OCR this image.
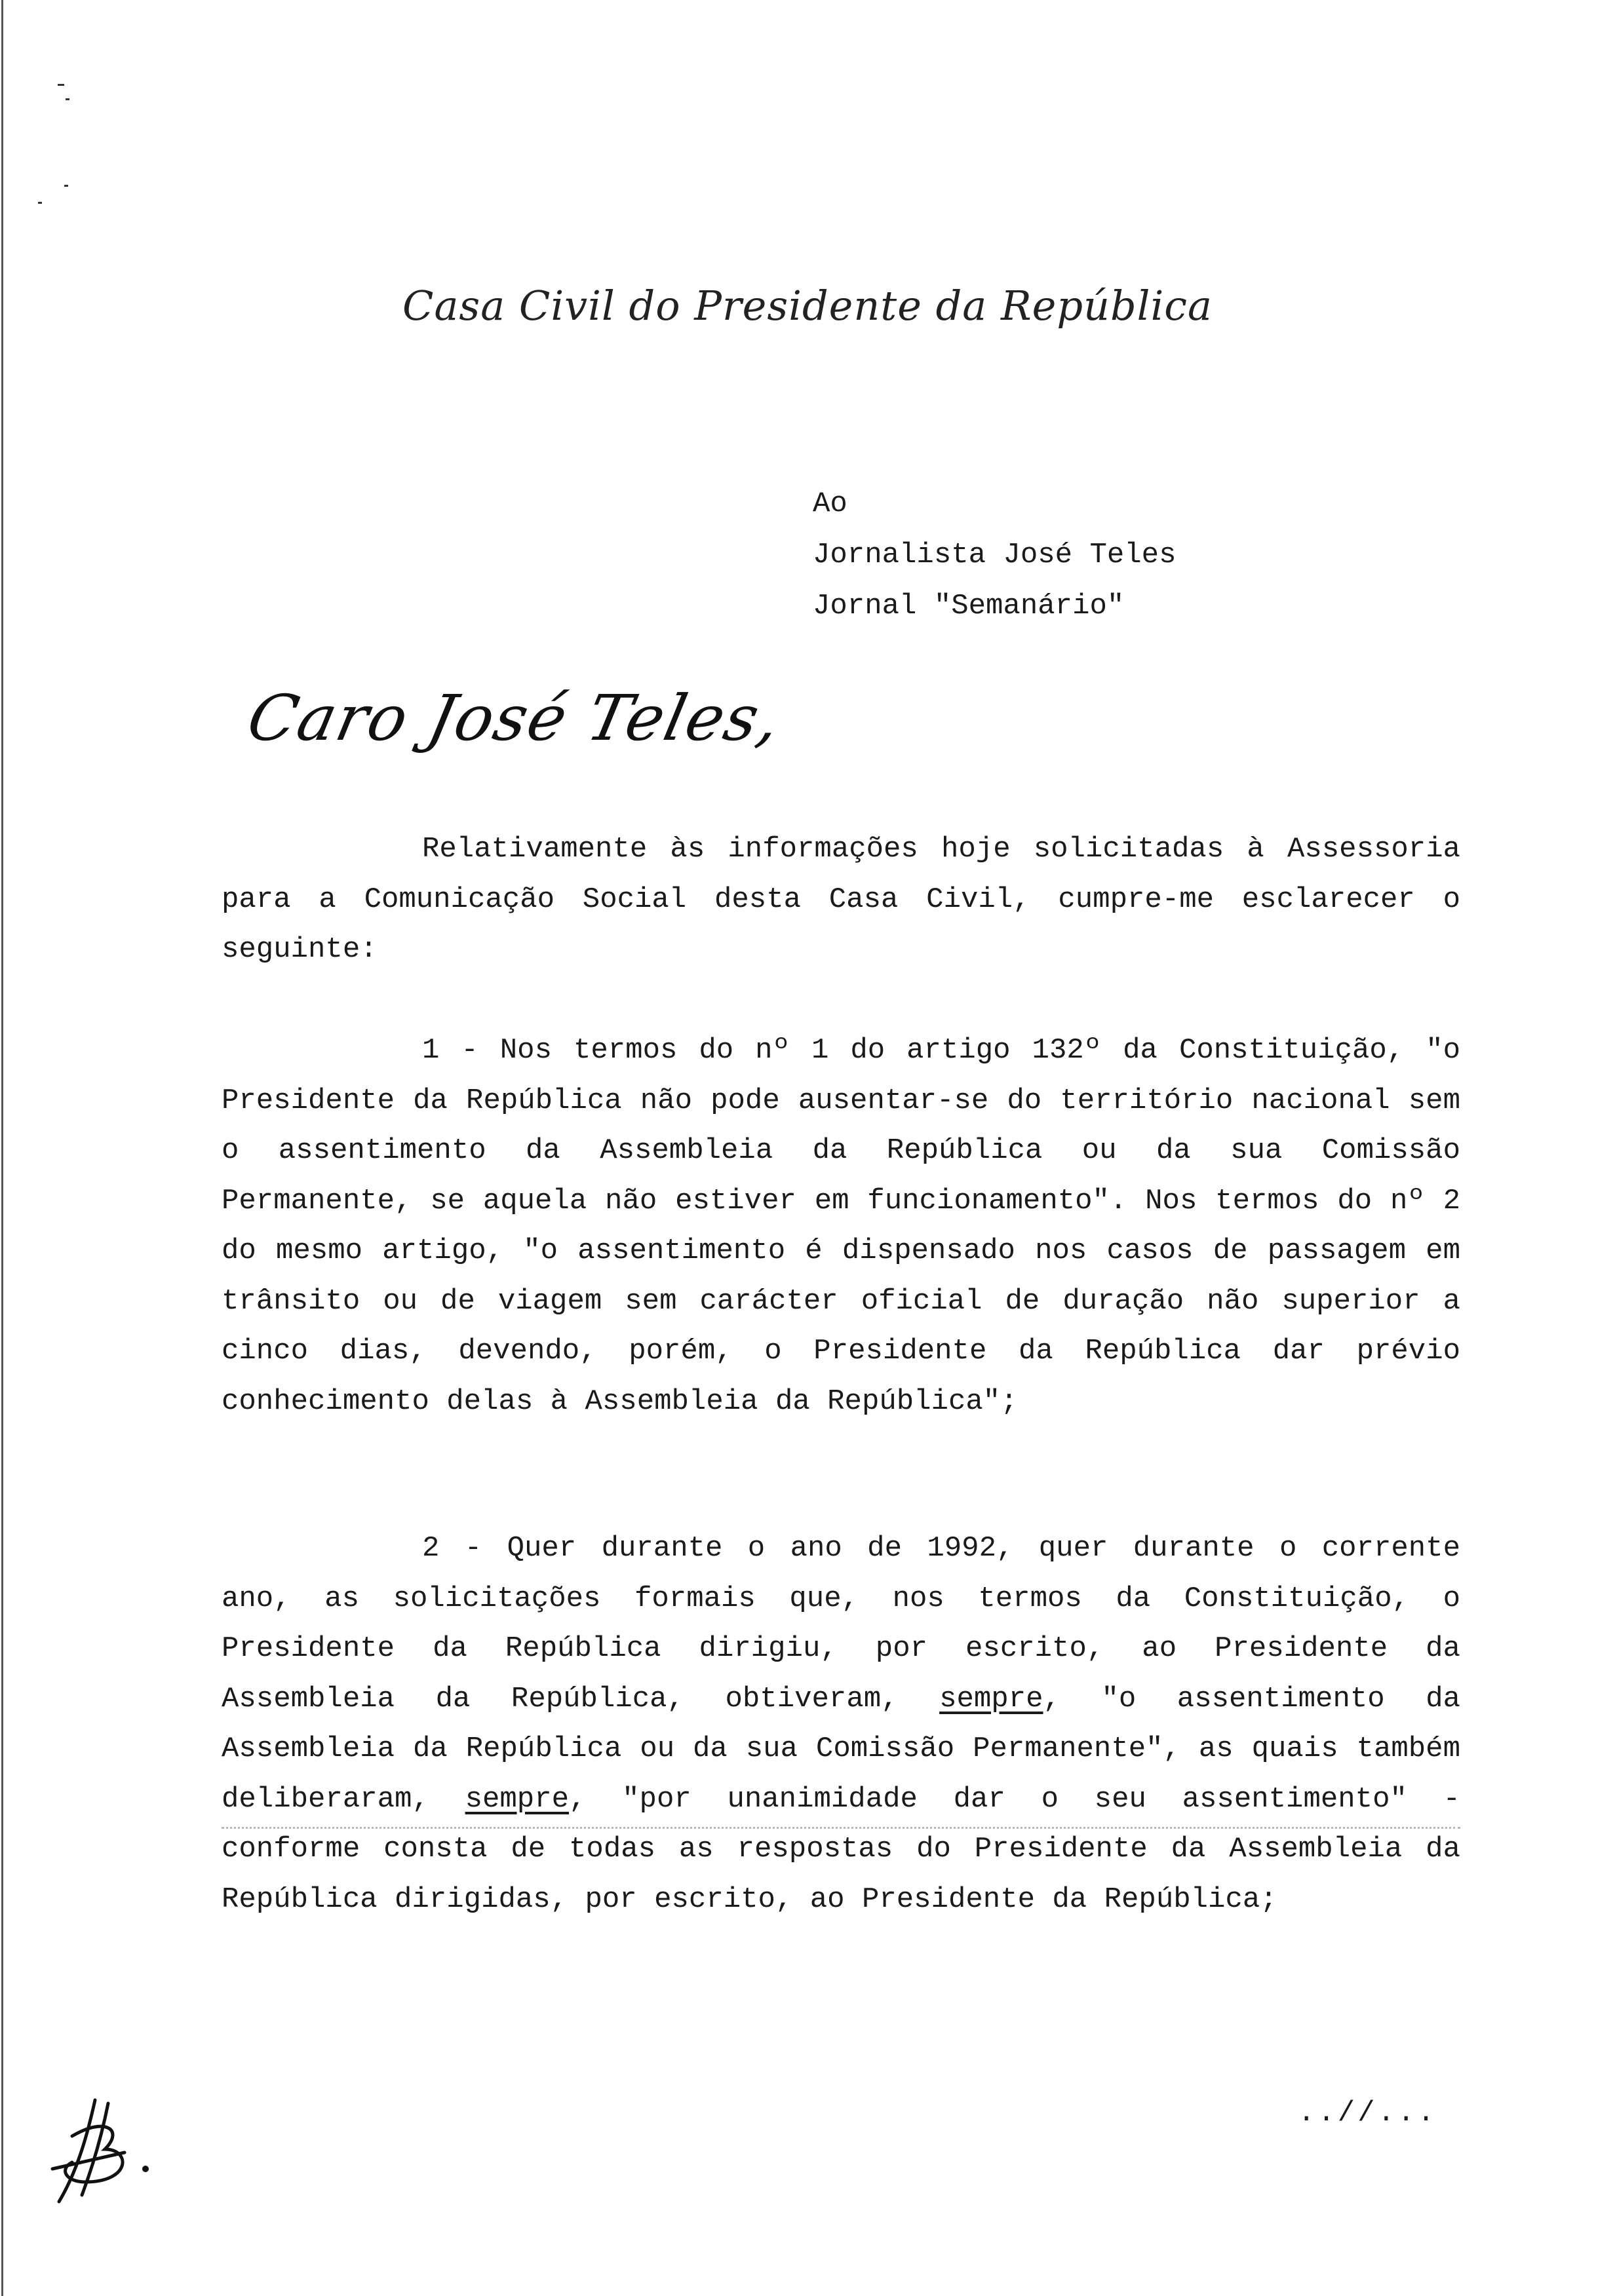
Casa Civil do Presidente da República
Ao
Jornalista José Teles
Jornal "Semanário"
Caro José Teles,
Relativamente às informações hoje solicitadas à Assessoria para a Comunicação Social desta Casa Civil, cumpre-me esclarecer o seguinte:
1 - Nos termos do nº 1 do artigo 132º da Constituição, "o Presidente da República não pode ausentar-se do território nacional sem o assentimento da Assembleia da República ou da sua Comissão Permanente, se aquela não estiver em funcionamento". Nos termos do nº 2 do mesmo artigo, "o assentimento é dispensado nos casos de passagem em trânsito ou de viagem sem carácter oficial de duração não superior a cinco dias, devendo, porém, o Presidente da República dar prévio conhecimento delas à Assembleia da República";
2 - Quer durante o ano de 1992, quer durante o corrente ano, as solicitações formais que, nos termos da Constituição, o Presidente da República dirigiu, por escrito, ao Presidente da Assembleia da República, obtiveram, sempre, "o assentimento da Assembleia da República ou da sua Comissão Permanente", as quais também deliberaram, sempre, "por unanimidade dar o seu assentimento" - conforme consta de todas as respostas do Presidente da Assembleia da República dirigidas, por escrito, ao Presidente da República;
..//...
